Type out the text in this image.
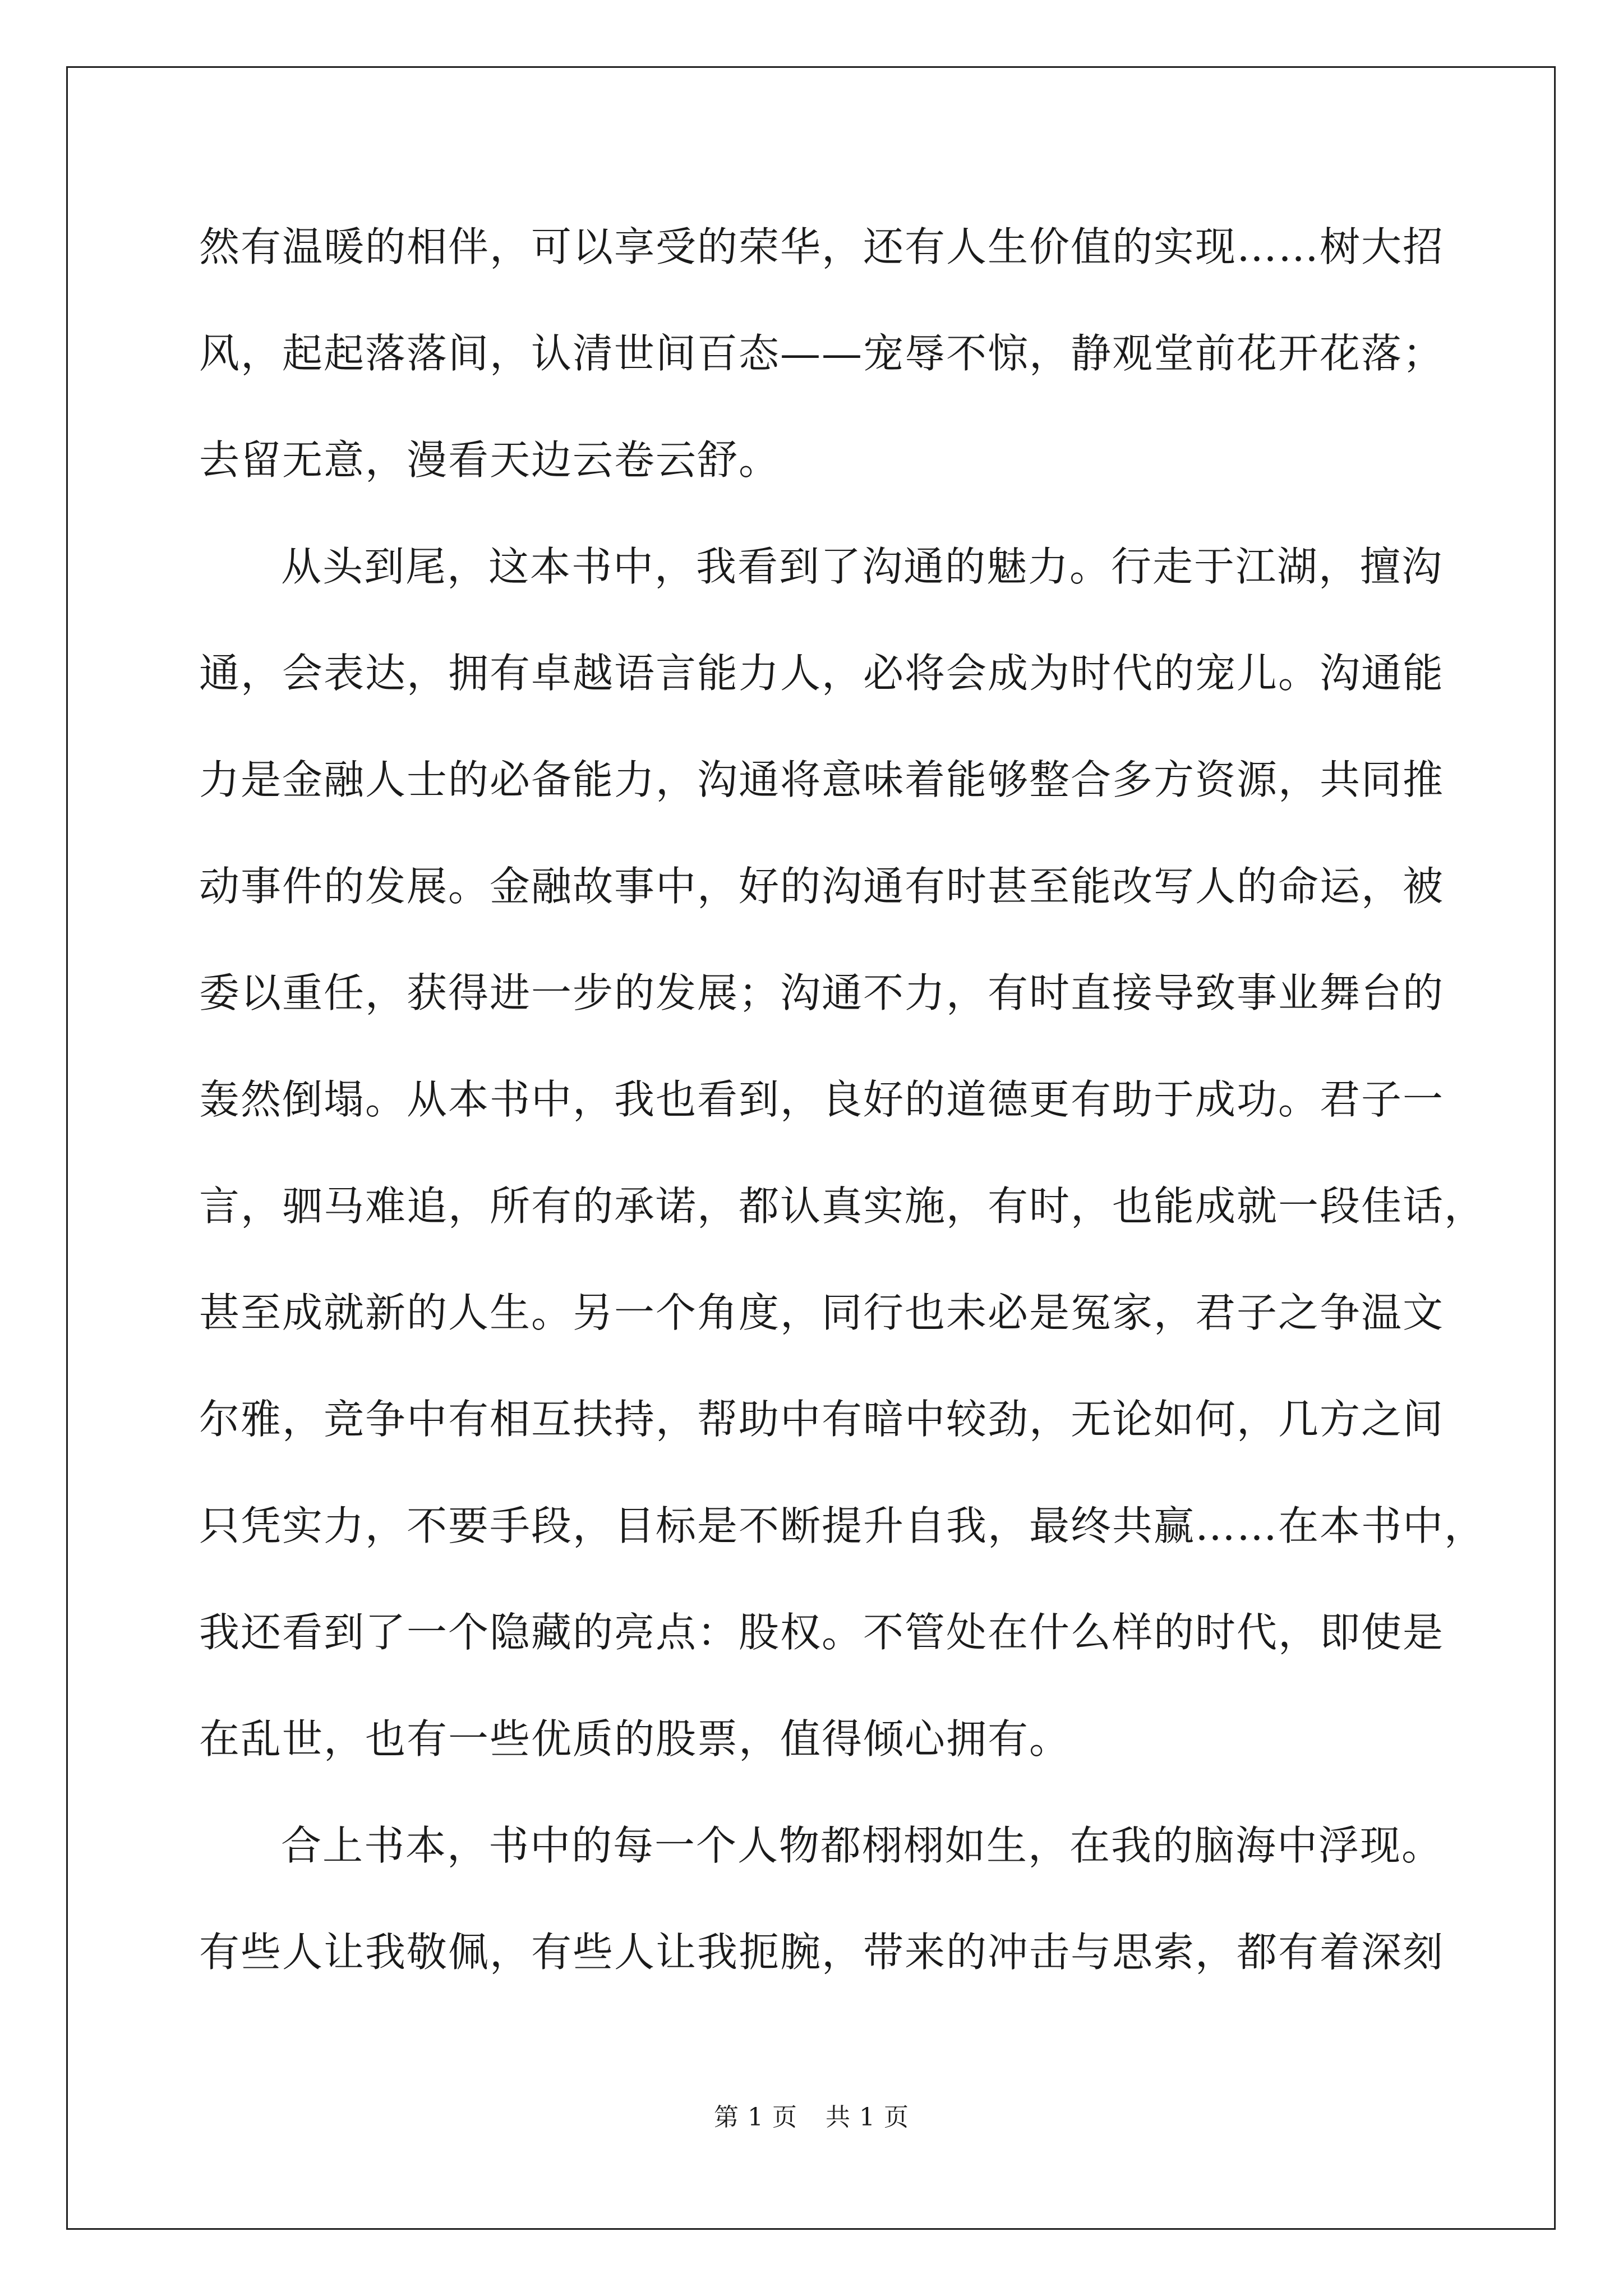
然有温暖的相伴，可以享受的荣华，还有人生价值的实现……树大招
风，起起落落间，认清世间百态——宠辱不惊，静观堂前花开花落；
去留无意，漫看天边云卷云舒。
从头到尾，这本书中，我看到了沟通的魅力。行走于江湖，擅沟
通，会表达，拥有卓越语言能力人，必将会成为时代的宠儿。沟通能
力是金融人士的必备能力，沟通将意味着能够整合多方资源，共同推
动事件的发展。金融故事中，好的沟通有时甚至能改写人的命运，被
委以重任，获得进一步的发展；沟通不力，有时直接导致事业舞台的
轰然倒塌。从本书中，我也看到，良好的道德更有助于成功。君子一
言，驷马难追，所有的承诺，都认真实施，有时，也能成就一段佳话，
甚至成就新的人生。另一个角度，同行也未必是冤家，君子之争温文
尔雅，竞争中有相互扶持，帮助中有暗中较劲，无论如何，几方之间
只凭实力，不要手段，目标是不断提升自我，最终共赢……在本书中，
我还看到了一个隐藏的亮点：股权。不管处在什么样的时代，即使是
在乱世，也有一些优质的股票，值得倾心拥有。
合上书本，书中的每一个人物都栩栩如生，在我的脑海中浮现。
有些人让我敬佩，有些人让我扼腕，带来的冲击与思索，都有着深刻
第 1 页 共 1 页
